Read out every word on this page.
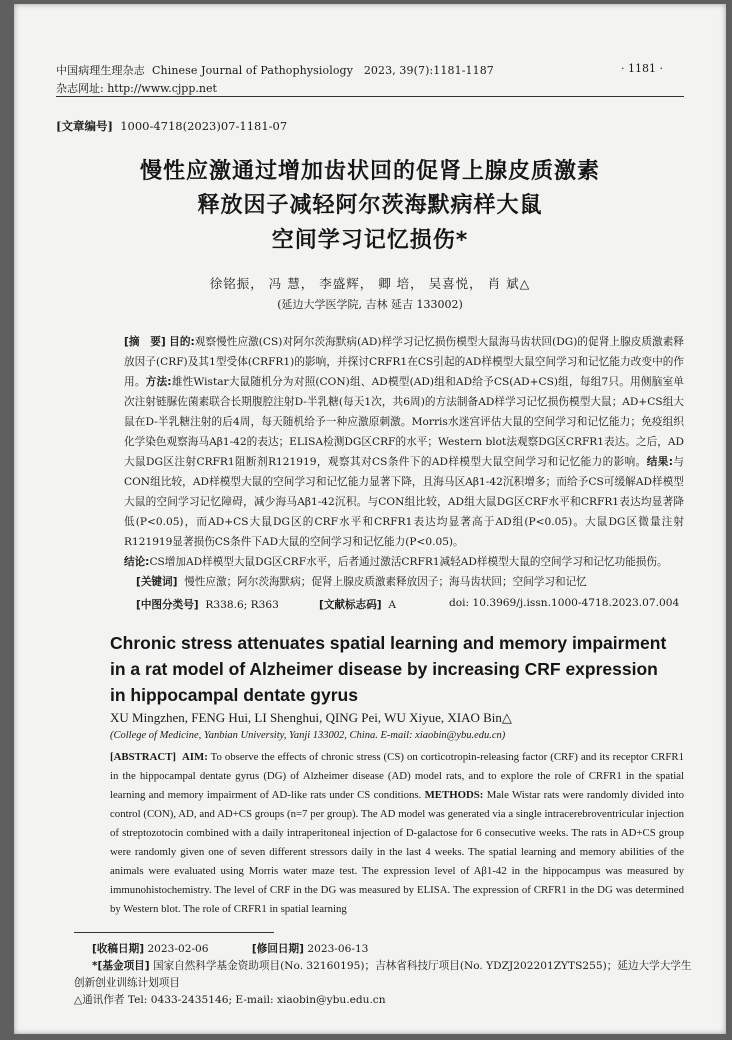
中国病理生理杂志 Chinese Journal of Pathophysiology 2023, 39(7):1181-1187	· 1181 ·
杂志网址: http://www.cjpp.net
[文章编号] 1000-4718(2023)07-1181-07
慢性应激通过增加齿状回的促肾上腺皮质激素
释放因子减轻阿尔茨海默病样大鼠
空间学习记忆损伤*
徐铭振， 冯 慧， 李盛辉， 卿 培， 吴喜悦， 肖 斌△
(延边大学医学院, 吉林 延吉 133002)
[摘　要] 目的:观察慢性应激(CS)对阿尔茨海默病(AD)样学习记忆损伤模型大鼠海马齿状回(DG)的促肾上腺皮质激素释放因子(CRF)及其1型受体(CRFR1)的影响，并探讨CRFR1在CS引起的AD样模型大鼠空间学习和记忆能力改变中的作用。方法:雄性Wistar大鼠随机分为对照(CON)组、AD模型(AD)组和AD给予CS(AD+CS)组，每组7只。用侧脑室单次注射链脲佐菌素联合长期腹腔注射D-半乳糖(每天1次，共6周)的方法制备AD样学习记忆损伤模型大鼠；AD+CS组大鼠在D-半乳糖注射的后4周，每天随机给予一种应激原刺激。Morris水迷宫评估大鼠的空间学习和记忆能力；免疫组织化学染色观察海马Aβ1-42的表达；ELISA检测DG区CRF的水平；Western blot法观察DG区CRFR1表达。之后，AD大鼠DG区注射CRFR1阻断剂R121919，观察其对CS条件下的AD样模型大鼠空间学习和记忆能力的影响。结果:与CON组比较，AD样模型大鼠的空间学习和记忆能力显著下降，且海马区Aβ1-42沉积增多；而给予CS可缓解AD样模型大鼠的空间学习记忆障碍，减少海马Aβ1-42沉积。与CON组比较，AD组大鼠DG区CRF水平和CRFR1表达均显著降低(P<0.05)，而AD+CS大鼠DG区的CRF水平和CRFR1表达均显著高于AD组(P<0.05)。大鼠DG区微量注射R121919显著损伤CS条件下AD大鼠的空间学习和记忆能力(P<0.05)。
结论:CS增加AD样模型大鼠DG区CRF水平，后者通过激活CRFR1减轻AD样模型大鼠的空间学习和记忆功能损伤。
[关键词] 慢性应激；阿尔茨海默病；促肾上腺皮质激素释放因子；海马齿状回；空间学习和记忆
[中图分类号] R338.6; R363	[文献标志码] A	doi: 10.3969/j.issn.1000-4718.2023.07.004
Chronic stress attenuates spatial learning and memory impairment in a rat model of Alzheimer disease by increasing CRF expression in hippocampal dentate gyrus
XU Mingzhen, FENG Hui, LI Shenghui, QING Pei, WU Xiyue, XIAO Bin△
(College of Medicine, Yanbian University, Yanji 133002, China. E-mail: xiaobin@ybu.edu.cn)
[ABSTRACT] AIM: To observe the effects of chronic stress (CS) on corticotropin-releasing factor (CRF) and its receptor CRFR1 in the hippocampal dentate gyrus (DG) of Alzheimer disease (AD) model rats, and to explore the role of CRFR1 in the spatial learning and memory impairment of AD-like rats under CS conditions. METHODS: Male Wistar rats were randomly divided into control (CON), AD, and AD+CS groups (n=7 per group). The AD model was generated via a single intracerebroventricular injection of streptozotocin combined with a daily intraperitoneal injection of D-galactose for 6 consecutive weeks. The rats in AD+CS group were randomly given one of seven different stressors daily in the last 4 weeks. The spatial learning and memory abilities of the animals were evaluated using Morris water maze test. The expression level of Aβ1-42 in the hippocampus was measured by immunohistochemistry. The level of CRF in the DG was measured by ELISA. The expression of CRFR1 in the DG was determined by Western blot. The role of CRFR1 in spatial learning
[收稿日期] 2023-02-06	[修回日期] 2023-06-13
*[基金项目] 国家自然科学基金资助项目(No. 32160195)；吉林省科技厅项目(No. YDZJ202201ZYTS255)；延边大学大学生
创新创业训练计划项目
△通讯作者 Tel: 0433-2435146; E-mail: xiaobin@ybu.edu.cn
